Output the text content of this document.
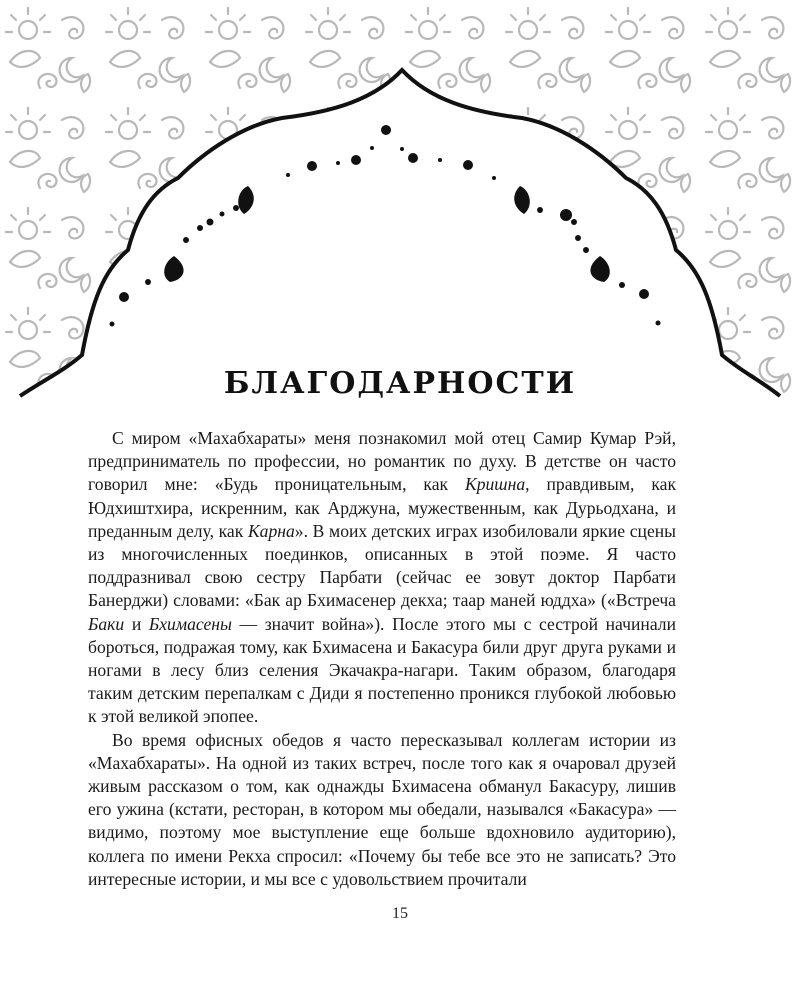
БЛАГОДАРНОСТИ

С миром «Махабхараты» меня познакомил мой отец Самир Кумар Рэй, предприниматель по профессии, но романтик по духу. В детстве он часто говорил мне: «Будь проницательным, как Кришна, правдивым, как Юдхиштхира, искренним, как Арджуна, мужественным, как Дурьодхана, и преданным делу, как Карна». В моих детских играх изобиловали яркие сцены из многочисленных поединков, описанных в этой поэме. Я часто поддразнивал свою сестру Парбати (сейчас ее зовут доктор Парбати Банерджи) словами: «Бак ар Бхимасенер декха; таар маней юддха» («Встреча Баки и Бхимасены — значит война»). После этого мы с сестрой начинали бороться, подражая тому, как Бхимасена и Бакасура били друг друга руками и ногами в лесу близ селения Экачакра-нагари. Таким образом, благодаря таким детским перепалкам с Диди я постепенно проникся глубокой любовью к этой великой эпопее.

Во время офисных обедов я часто пересказывал коллегам истории из «Махабхараты». На одной из таких встреч, после того как я очаровал друзей живым рассказом о том, как однажды Бхимасена обманул Бакасуру, лишив его ужина (кстати, ресторан, в котором мы обедали, назывался «Бакасура» — видимо, поэтому мое выступление еще больше вдохновило аудиторию), коллега по имени Рекха спросил: «Почему бы тебе все это не записать? Это интересные истории, и мы все с удовольствием прочитали

15
